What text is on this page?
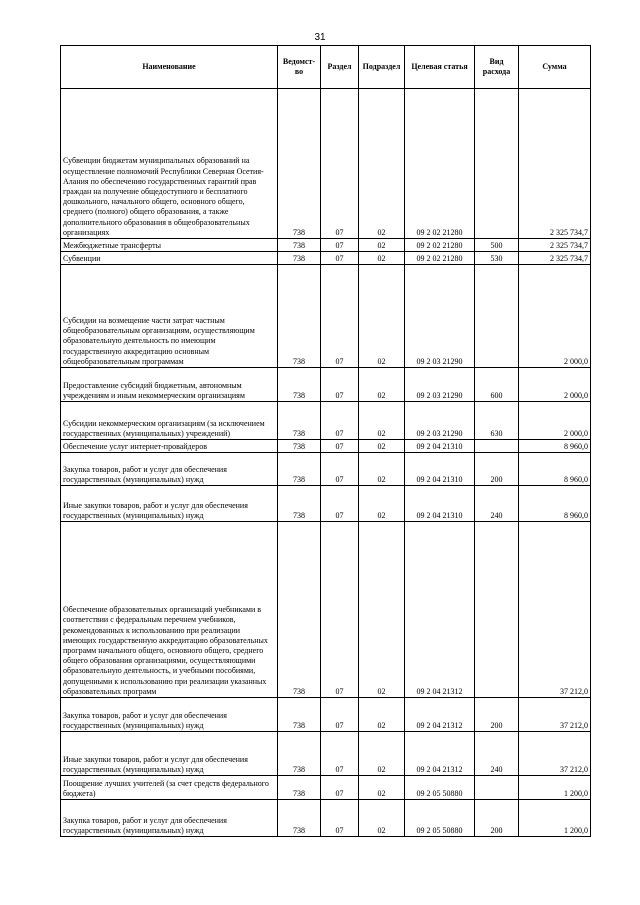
31
Наименование	Ведомст-во	Раздел	Подраздел	Целевая статья	Вид расхода	Сумма
Субвенции бюджетам муниципальных образований на осуществление полномочий Республики Северная Осетия-Алания по обеспечению государственных гарантий прав граждан на получение общедоступного и бесплатного дошкольного, начального общего, основного общего, среднего (полного) общего образования, а также дополнительного образования в общеобразовательных организациях	738	07	02	09 2 02 21280		2 325 734,7
Межбюджетные трансферты	738	07	02	09 2 02 21280	500	2 325 734,7
Субвенции	738	07	02	09 2 02 21280	530	2 325 734,7
Субсидии на возмещение части затрат частным общеобразовательным организациям, осуществляющим образовательную деятельность по имеющим государственную аккредитацию основным общеобразовательным программам	738	07	02	09 2 03 21290		2 000,0
Предоставление субсидий бюджетным, автономным учреждениям и иным некоммерческим организациям	738	07	02	09 2 03 21290	600	2 000,0
Субсидии некоммерческим организациям (за исключением государственных (муниципальных) учреждений)	738	07	02	09 2 03 21290	630	2 000,0
Обеспечение услуг интернет-провайдеров	738	07	02	09 2 04 21310		8 960,0
Закупка товаров, работ и услуг для обеспечения государственных (муниципальных) нужд	738	07	02	09 2 04 21310	200	8 960,0
Иные закупки товаров, работ и услуг для обеспечения государственных (муниципальных) нужд	738	07	02	09 2 04 21310	240	8 960,0
Обеспечение образовательных организаций учебниками в соответствии с федеральным перечнем учебников, рекомендованных к использованию при реализации имеющих государственную аккредитацию образовательных программ начального общего, основного общего, среднего общего образования организациями, осуществляющими образовательную деятельность, и учебными пособиями, допущенными к использованию при реализации указанных образовательных программ	738	07	02	09 2 04 21312		37 212,0
Закупка товаров, работ и услуг для обеспечения государственных (муниципальных) нужд	738	07	02	09 2 04 21312	200	37 212,0
Иные закупки товаров, работ и услуг для обеспечения государственных (муниципальных) нужд	738	07	02	09 2 04 21312	240	37 212,0
Поощрение лучших учителей (за счет средств федерального бюджета)	738	07	02	09 2 05 50880		1 200,0
Закупка товаров, работ и услуг для обеспечения государственных (муниципальных) нужд	738	07	02	09 2 05 50880	200	1 200,0
